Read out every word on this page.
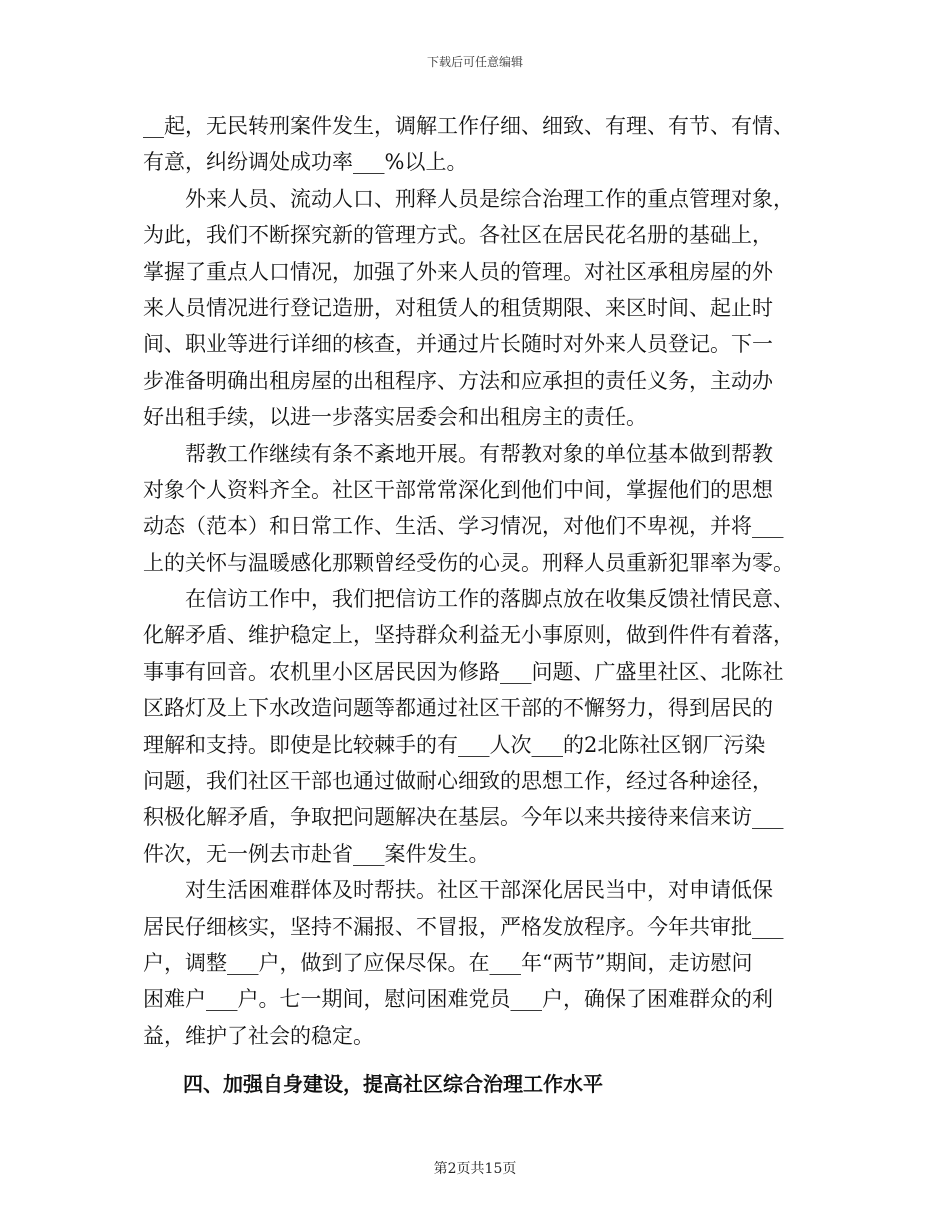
下载后可任意编辑
__起，无民转刑案件发生，调解工作仔细、细致、有理、有节、有情、
有意，纠纷调处成功率___%以上。
　　外来人员、流动人口、刑释人员是综合治理工作的重点管理对象，
为此，我们不断探究新的管理方式。各社区在居民花名册的基础上，
掌握了重点人口情况，加强了外来人员的管理。对社区承租房屋的外
来人员情况进行登记造册，对租赁人的租赁期限、来区时间、起止时
间、职业等进行详细的核查，并通过片长随时对外来人员登记。下一
步准备明确出租房屋的出租程序、方法和应承担的责任义务，主动办
好出租手续，以进一步落实居委会和出租房主的责任。
　　帮教工作继续有条不紊地开展。有帮教对象的单位基本做到帮教
对象个人资料齐全。社区干部常常深化到他们中间，掌握他们的思想
动态（范本）和日常工作、生活、学习情况，对他们不卑视，并将___
上的关怀与温暖感化那颗曾经受伤的心灵。刑释人员重新犯罪率为零。
　　在信访工作中，我们把信访工作的落脚点放在收集反馈社情民意、
化解矛盾、维护稳定上，坚持群众利益无小事原则，做到件件有着落，
事事有回音。农机里小区居民因为修路___问题、广盛里社区、北陈社
区路灯及上下水改造问题等都通过社区干部的不懈努力，得到居民的
理解和支持。即使是比较棘手的有___人次___的2北陈社区钢厂污染
问题，我们社区干部也通过做耐心细致的思想工作，经过各种途径，
积极化解矛盾，争取把问题解决在基层。今年以来共接待来信来访___
件次，无一例去市赴省___案件发生。
　　对生活困难群体及时帮扶。社区干部深化居民当中，对申请低保
居民仔细核实，坚持不漏报、不冒报，严格发放程序。今年共审批___
户，调整___户，做到了应保尽保。在___年“两节”期间，走访慰问
困难户___户。七一期间，慰问困难党员___户，确保了困难群众的利
益，维护了社会的稳定。
　　四、加强自身建设，提高社区综合治理工作水平
第2页共15页
